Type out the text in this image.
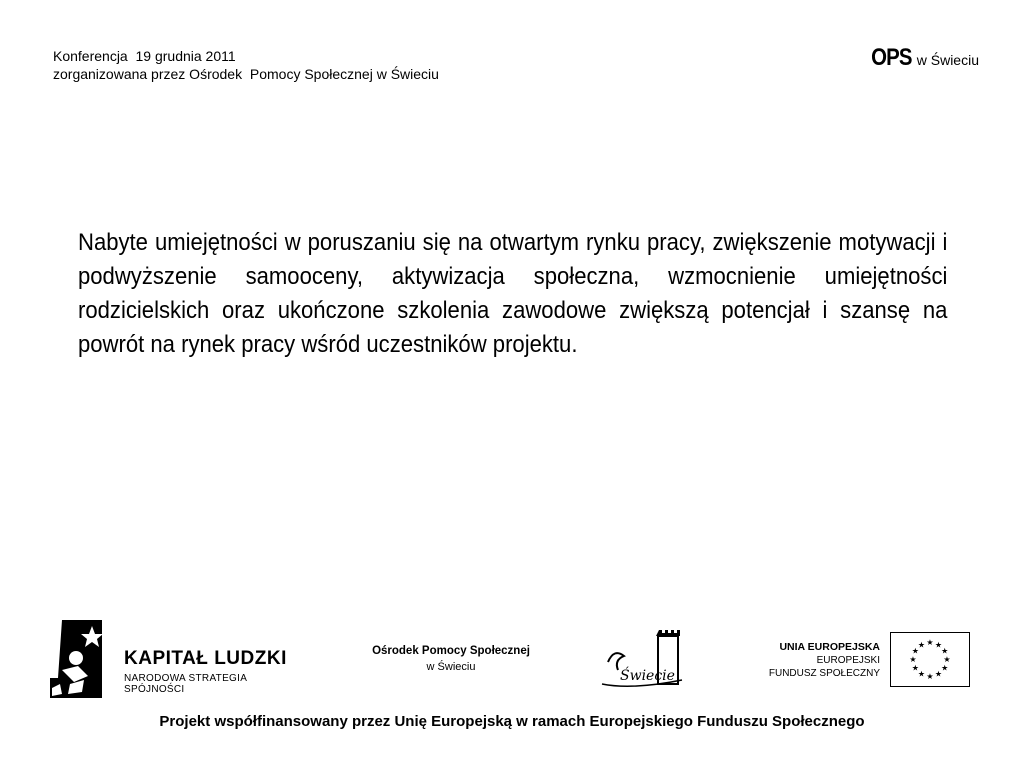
Konferencja  19 grudnia 2011
zorganizowana przez Ośrodek  Pomocy Społecznej w Świeciu
OPS w Świeciu
Nabyte umiejętności w poruszaniu się na otwartym rynku pracy, zwiększenie motywacji i podwyższenie samooceny, aktywizacja społeczna, wzmocnienie umiejętności rodzicielskich oraz ukończone szkolenia zawodowe zwiększą potencjał i szansę na powrót na rynek pracy wśród uczestników projektu.
KAPITAŁ LUDZKI
NARODOWA STRATEGIA SPÓJNOŚCI
Ośrodek Pomocy Społecznej
w Świeciu
Świecie
UNIA EUROPEJSKA
EUROPEJSKI
FUNDUSZ SPOŁECZNY
★ ★
★
★
★
★
★
★
★
★
★
★
Projekt współfinansowany przez Unię Europejską w ramach Europejskiego Funduszu Społecznego
